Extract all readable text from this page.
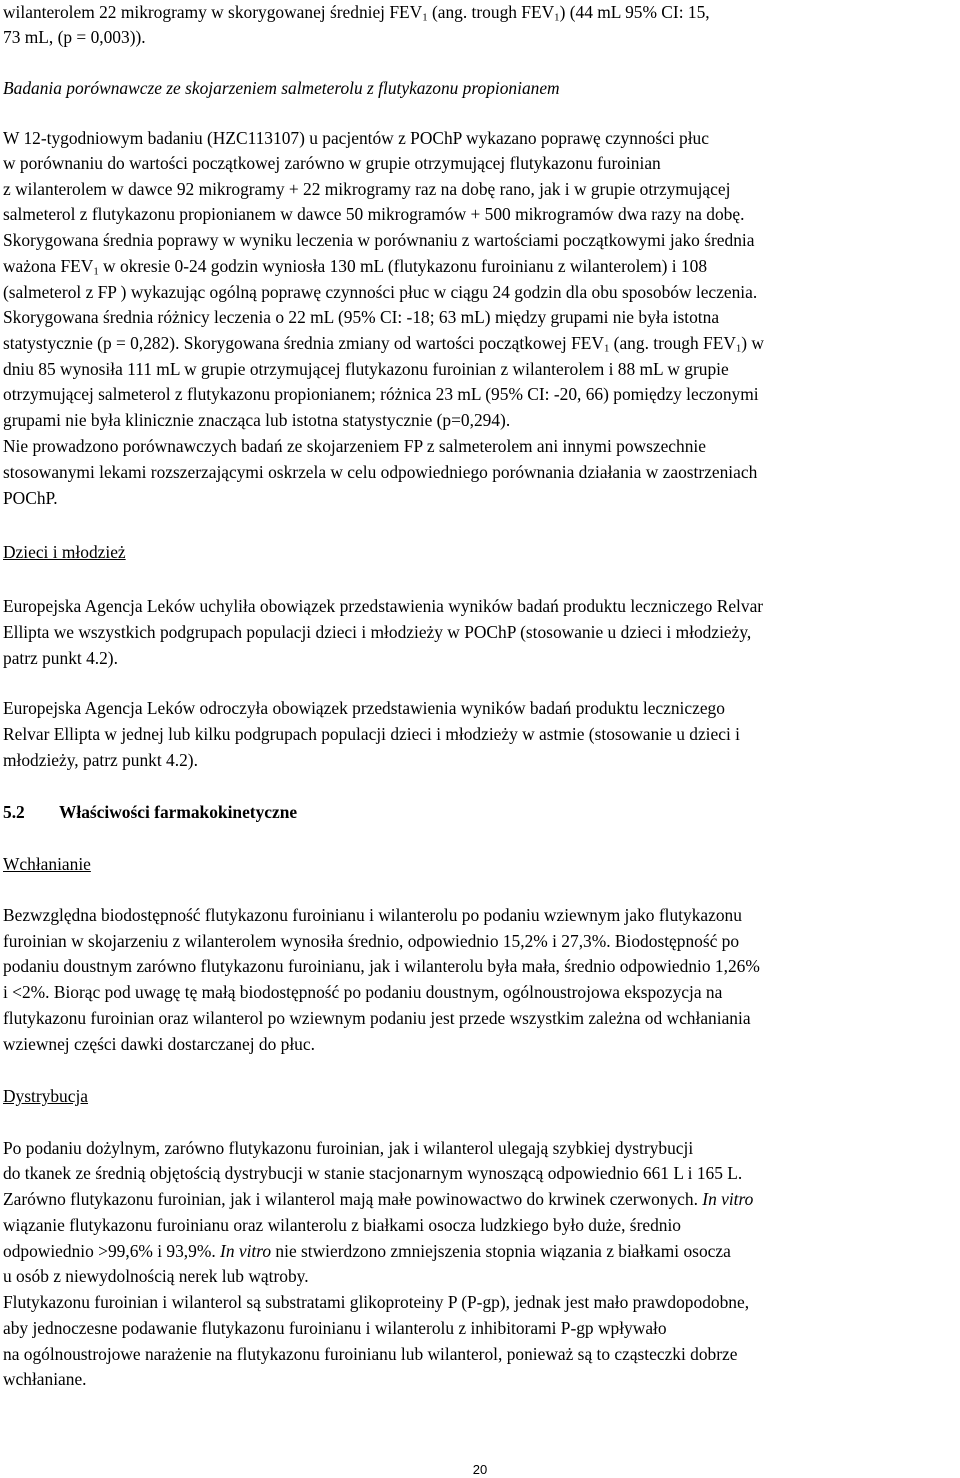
wilanterolem 22 mikrogramy w skorygowanej średniej $FEV_1$ (ang. trough $FEV_1$) (44 mL 95% CI: 15,
73 mL, (p = 0,003)).
Badania porównawcze ze skojarzeniem salmeterolu z flutykazonu propionianem
W 12-tygodniowym badaniu (HZC113107) u pacjentów z POChP wykazano poprawę czynności płuc
w porównaniu do wartości początkowej zarówno w grupie otrzymującej flutykazonu furoinian
z wilanterolem w dawce 92 mikrogramy + 22 mikrogramy raz na dobę rano, jak i w grupie otrzymującej
salmeterol z flutykazonu propionianem w dawce 50 mikrogramów + 500 mikrogramów dwa razy na dobę.
Skorygowana średnia poprawy w wyniku leczenia w porównaniu z wartościami początkowymi jako średnia
ważona $FEV_1$ w okresie 0-24 godzin wyniosła 130 mL (flutykazonu furoinianu z wilanterolem) i 108
(salmeterol z FP ) wykazując ogólną poprawę czynności płuc w ciągu 24 godzin dla obu sposobów leczenia.
Skorygowana średnia różnicy leczenia o 22 mL (95% CI: -18; 63 mL) między grupami nie była istotna
statystycznie (p = 0,282). Skorygowana średnia zmiany od wartości początkowej $FEV_1$ (ang. trough $FEV_1$) w
dniu 85 wynosiła 111 mL w grupie otrzymującej flutykazonu furoinian z wilanterolem i 88 mL w grupie
otrzymującej salmeterol z flutykazonu propionianem; różnica 23 mL (95% CI: -20, 66) pomiędzy leczonymi
grupami nie była klinicznie znacząca lub istotna statystycznie (p=0,294).
Nie prowadzono porównawczych badań ze skojarzeniem FP z salmeterolem ani innymi powszechnie
stosowanymi lekami rozszerzającymi oskrzela w celu odpowiedniego porównania działania w zaostrzeniach
POChP.
Dzieci i młodzież
Europejska Agencja Leków uchyliła obowiązek przedstawienia wyników badań produktu leczniczego Relvar
Ellipta we wszystkich podgrupach populacji dzieci i młodzieży w POChP (stosowanie u dzieci i młodzieży,
patrz punkt 4.2).
Europejska Agencja Leków odroczyła obowiązek przedstawienia wyników badań produktu leczniczego
Relvar Ellipta w jednej lub kilku podgrupach populacji dzieci i młodzieży w astmie (stosowanie u dzieci i
młodzieży, patrz punkt 4.2).
5.2 Właściwości farmakokinetyczne
Wchłanianie
Bezwzględna biodostępność flutykazonu furoinianu i wilanterolu po podaniu wziewnym jako flutykazonu
furoinian w skojarzeniu z wilanterolem wynosiła średnio, odpowiednio 15,2% i 27,3%. Biodostępność po
podaniu doustnym zarówno flutykazonu furoinianu, jak i wilanterolu była mała, średnio odpowiednio 1,26%
i <2%. Biorąc pod uwagę tę małą biodostępność po podaniu doustnym, ogólnoustrojowa ekspozycja na
flutykazonu furoinian oraz wilanterol po wziewnym podaniu jest przede wszystkim zależna od wchłaniania
wziewnej części dawki dostarczanej do płuc.
Dystrybucja
Po podaniu dożylnym, zarówno flutykazonu furoinian, jak i wilanterol ulegają szybkiej dystrybucji
do tkanek ze średnią objętością dystrybucji w stanie stacjonarnym wynoszącą odpowiednio 661 L i 165 L.
Zarówno flutykazonu furoinian, jak i wilanterol mają małe powinowactwo do krwinek czerwonych. In vitro
wiązanie flutykazonu furoinianu oraz wilanterolu z białkami osocza ludzkiego było duże, średnio
odpowiednio >99,6% i 93,9%. In vitro nie stwierdzono zmniejszenia stopnia wiązania z białkami osocza
u osób z niewydolnością nerek lub wątroby.
Flutykazonu furoinian i wilanterol są substratami glikoproteiny P (P-gp), jednak jest mało prawdopodobne,
aby jednoczesne podawanie flutykazonu furoinianu i wilanterolu z inhibitorami P-gp wpływało
na ogólnoustrojowe narażenie na flutykazonu furoinianu lub wilanterol, ponieważ są to cząsteczki dobrze
wchłaniane.
20
